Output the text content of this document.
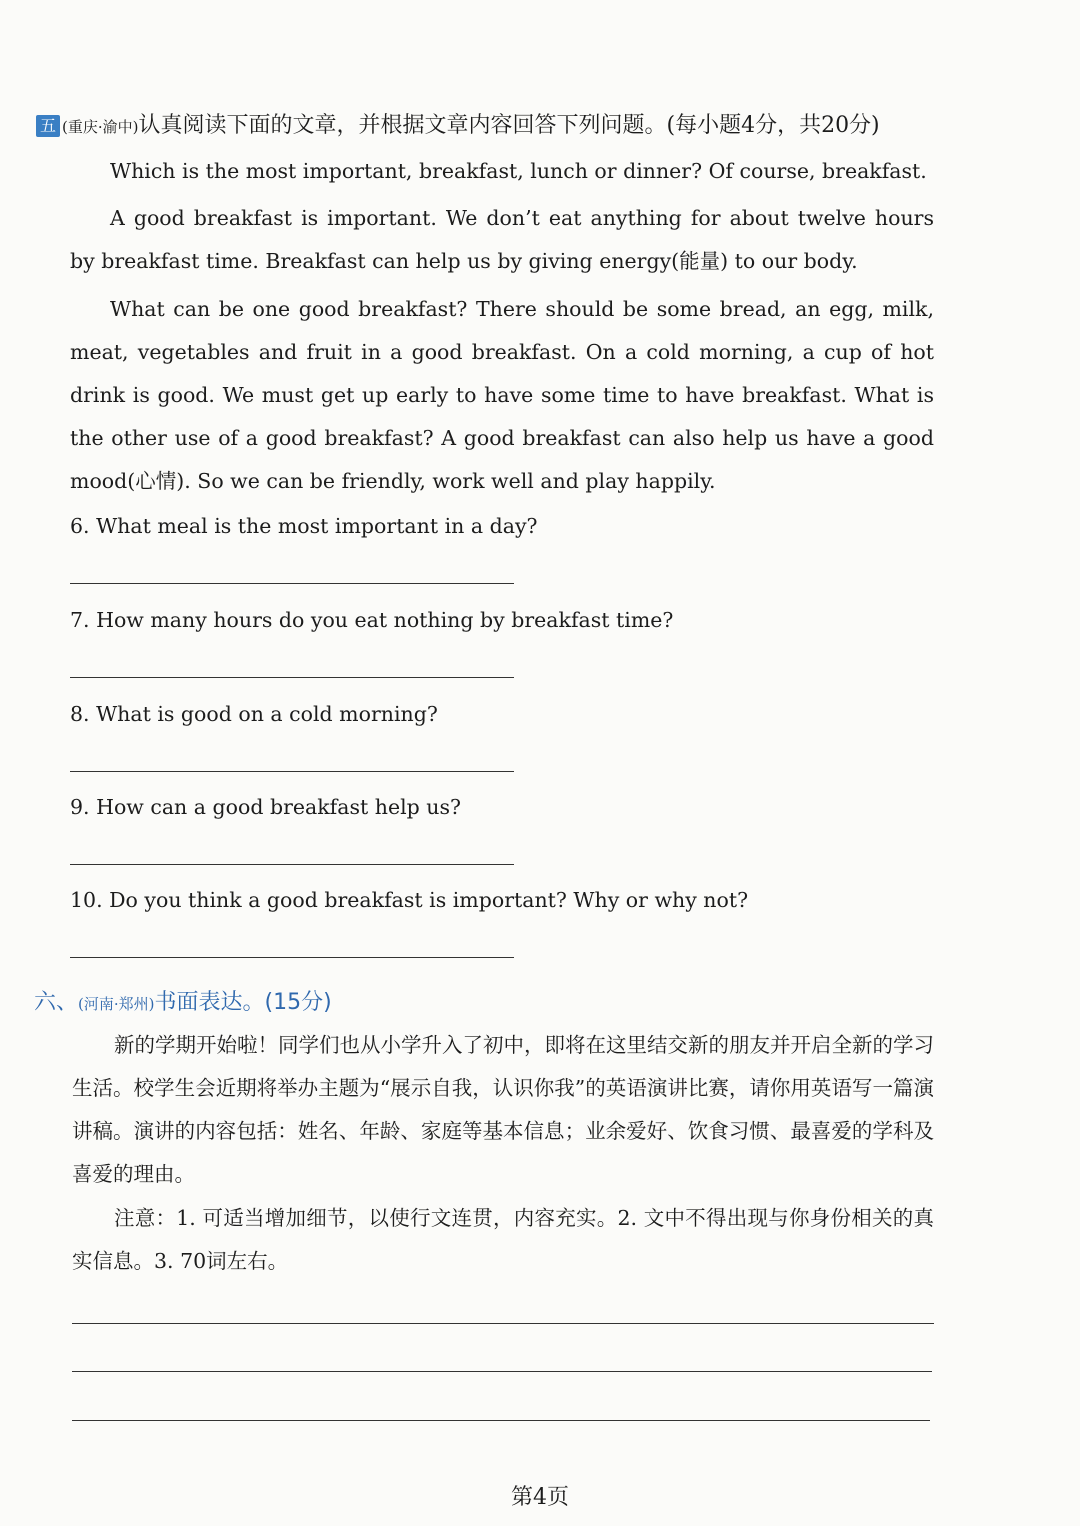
五 (重庆·渝中)认真阅读下面的文章，并根据文章内容回答下列问题。(每小题4分，共20分)
Which is the most important, breakfast, lunch or dinner? Of course, breakfast.
A good breakfast is important. We don’t eat anything for about twelve hours by breakfast time. Breakfast can help us by giving energy(能量) to our body.
What can be one good breakfast? There should be some bread, an egg, milk, meat, vegetables and fruit in a good breakfast. On a cold morning, a cup of hot drink is good. We must get up early to have some time to have breakfast. What is the other use of a good breakfast? A good breakfast can also help us have a good mood(心情). So we can be friendly, work well and play happily.
6. What meal is the most important in a day?
7. How many hours do you eat nothing by breakfast time?
8. What is good on a cold morning?
9. How can a good breakfast help us?
10. Do you think a good breakfast is important? Why or why not?
六、(河南·郑州)书面表达。(15分)
新的学期开始啦！同学们也从小学升入了初中，即将在这里结交新的朋友并开启全新的学习生活。校学生会近期将举办主题为“展示自我，认识你我”的英语演讲比赛，请你用英语写一篇演讲稿。演讲的内容包括：姓名、年龄、家庭等基本信息；业余爱好、饮食习惯、最喜爱的学科及喜爱的理由。
注意：1. 可适当增加细节，以使行文连贯，内容充实。2. 文中不得出现与你身份相关的真实信息。3. 70词左右。
第4页
